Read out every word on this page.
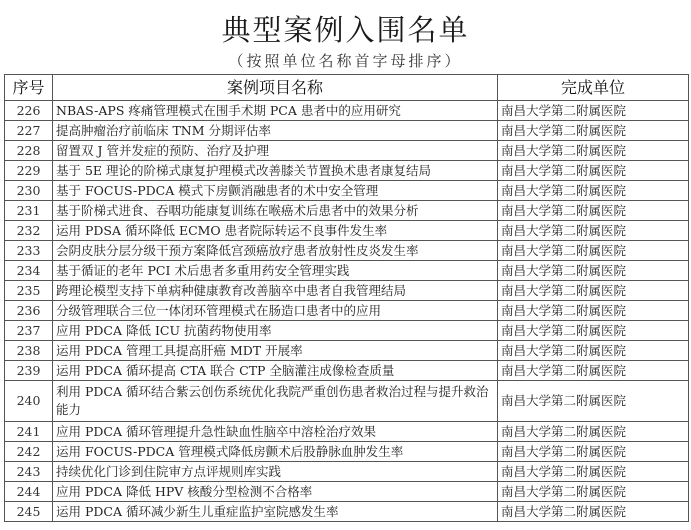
典型案例入围名单
（按照单位名称首字母排序）
序号	案例项目名称	完成单位
226	NBAS-APS 疼痛管理模式在围手术期 PCA 患者中的应用研究	南昌大学第二附属医院
227	提高肿瘤治疗前临床 TNM 分期评估率	南昌大学第二附属医院
228	留置双 J 管并发症的预防、治疗及护理	南昌大学第二附属医院
229	基于 5E 理论的阶梯式康复护理模式改善膝关节置换术患者康复结局	南昌大学第二附属医院
230	基于 FOCUS-PDCA 模式下房颤消融患者的术中安全管理	南昌大学第二附属医院
231	基于阶梯式进食、吞咽功能康复训练在喉癌术后患者中的效果分析	南昌大学第二附属医院
232	运用 PDSA 循环降低 ECMO 患者院际转运不良事件发生率	南昌大学第二附属医院
233	会阴皮肤分层分级干预方案降低宫颈癌放疗患者放射性皮炎发生率	南昌大学第二附属医院
234	基于循证的老年 PCI 术后患者多重用药安全管理实践	南昌大学第二附属医院
235	跨理论模型支持下单病种健康教育改善脑卒中患者自我管理结局	南昌大学第二附属医院
236	分级管理联合三位一体闭环管理模式在肠造口患者中的应用	南昌大学第二附属医院
237	应用 PDCA 降低 ICU 抗菌药物使用率	南昌大学第二附属医院
238	运用 PDCA 管理工具提高肝癌 MDT 开展率	南昌大学第二附属医院
239	运用 PDCA 循环提高 CTA 联合 CTP 全脑灌注成像检查质量	南昌大学第二附属医院
240	利用 PDCA 循环结合紫云创伤系统优化我院严重创伤患者救治过程与提升救治能力	南昌大学第二附属医院
241	应用 PDCA 循环管理提升急性缺血性脑卒中溶栓治疗效果	南昌大学第二附属医院
242	运用 FOCUS-PDCA 管理模式降低房颤术后股静脉血肿发生率	南昌大学第二附属医院
243	持续优化门诊到住院审方点评规则库实践	南昌大学第二附属医院
244	应用 PDCA 降低 HPV 核酸分型检测不合格率	南昌大学第二附属医院
245	运用 PDCA 循环减少新生儿重症监护室院感发生率	南昌大学第二附属医院
